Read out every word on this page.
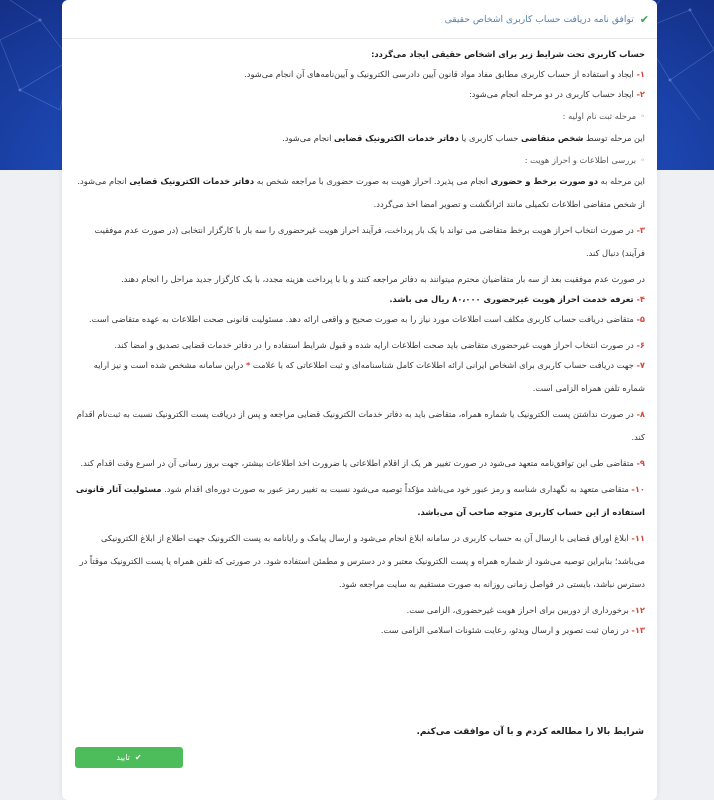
✔
توافق نامه دریافت حساب کاربری اشخاص حقیقی

حساب کاربری تحت شرایط زیر برای اشخاص حقیقی ایجاد می‌گردد:

۱- ایجاد و استفاده از حساب کاربری مطابق مفاد مواد قانون آیین دادرسی الکترونیک و آیین‌نامه‌های آن انجام می‌شود.

۲- ایجاد حساب کاربری در دو مرحله انجام می‌شود:

◦مرحله ثبت نام اولیه :

این مرحله توسط شخص متقاضی حساب کاربری یا دفاتر خدمات الکترونیک قضایی انجام می‌شود.

◦بررسی اطلاعات و احراز هویت :

این مرحله به دو صورت برخط و حضوری انجام می پذیرد. احراز هویت به صورت حضوری با مراجعه شخص به دفاتر خدمات الکترونیک قضایی انجام می‌شود. از شخص متقاضی اطلاعات تکمیلی مانند اثرانگشت و تصویر امضا اخذ می‌گردد.

۳- در صورت انتخاب احراز هویت برخط متقاضی می تواند با یک بار پرداخت، فرآیند احراز هویت غیرحضوری را سه بار با کارگزار انتخابی (در صورت عدم موفقیت فرآیند) دنبال کند.

در صورت عدم موفقیت بعد از سه بار متقاضیان محترم میتوانند به دفاتر مراجعه کنند و یا با پرداخت هزینه مجدد، با یک کارگزار جدید مراحل را انجام دهند.

۴- تعرفه خدمت احراز هویت غیرحضوری ۸۰،۰۰۰ ریال می باشد.

۵- متقاضی دریافت حساب کاربری مکلف است اطلاعات مورد نیاز را به صورت صحیح و واقعی ارائه دهد. مسئولیت قانونی صحت اطلاعات به عهده متقاضی است.

۶- در صورت انتخاب احراز هویت غیرحضوری متقاضی باید صحت اطلاعات ارایه شده و قبول شرایط استفاده را در دفاتر خدمات قضایی تصدیق و امضا کند.

۷- جهت دریافت حساب کاربری برای اشخاص ایرانی ارائه اطلاعات کامل شناسنامه‌ای و ثبت اطلاعاتی که با علامت * دراین سامانه مشخص شده است و نیز ارایه شماره تلفن همراه الزامی است.

۸- در صورت نداشتن پست الکترونیک یا شماره همراه، متقاضی باید به دفاتر خدمات الکترونیک قضایی مراجعه و پس از دریافت پست الکترونیک نسبت به ثبت‌نام اقدام کند.

۹- متقاضی طی این توافق‌نامه متعهد می‌شود در صورت تغییر هر یک از اقلام اطلاعاتی یا ضرورت اخذ اطلاعات بیشتر، جهت بروز رسانی آن در اسرع وقت اقدام کند.

۱۰- متقاضی متعهد به نگهداری شناسه و رمز عبور خود می‌باشد مؤکداً توصیه می‌شود نسبت به تغییر رمز عبور به صورت دوره‌ای اقدام شود. مسئولیت آثار قانونی استفاده از این حساب کاربری متوجه صاحب آن می‌باشد.

۱۱- ابلاغ اوراق قضایی با ارسال آن به حساب کاربری در سامانه ابلاغ انجام می‌شود و ارسال پیامک و رایانامه به پست الکترونیک جهت اطلاع از ابلاغ الکترونیکی می‌باشد؛ بنابراین توصیه می‌شود از شماره همراه و پست الکترونیک معتبر و در دسترس و مطمئن استفاده شود. در صورتی که تلفن همراه یا پست الکترونیک موقتاً در دسترس نباشد، بایستی در فواصل زمانی روزانه به صورت مستقیم به سایت مراجعه شود.

۱۲- برخورداری از دوربین برای احراز هویت غیرحضوری، الزامی ست.

۱۳- در زمان ثبت تصویر و ارسال ویدئو، رعایت شئونات اسلامی الزامی ست.

شرایط بالا را مطالعه کردم و با آن موافقت می‌کنم.
✔
تایید
